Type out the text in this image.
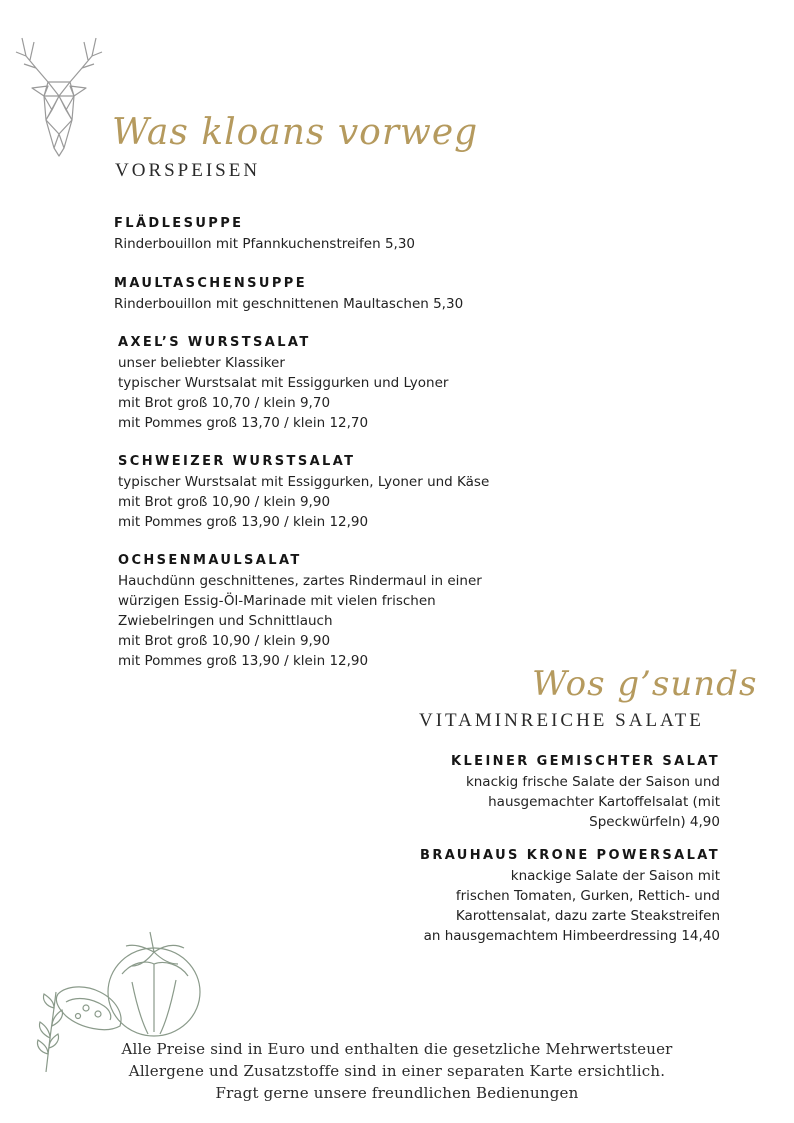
Was kloans vorweg
VORSPEISEN
FLÄDLESUPPE
Rinderbouillon mit Pfannkuchenstreifen 5,30
MAULTASCHENSUPPE
Rinderbouillon mit geschnittenen Maultaschen 5,30
AXEL’S WURSTSALAT
unser beliebter Klassiker
typischer Wurstsalat mit Essiggurken und Lyoner
mit Brot groß 10,70 / klein 9,70
mit Pommes groß 13,70 / klein 12,70
SCHWEIZER WURSTSALAT
typischer Wurstsalat mit Essiggurken, Lyoner und Käse
mit Brot groß 10,90 / klein 9,90
mit Pommes groß 13,90 / klein 12,90
OCHSENMAULSALAT
Hauchdünn geschnittenes, zartes Rindermaul in einer
würzigen Essig-Öl-Marinade mit vielen frischen
Zwiebelringen und Schnittlauch
mit Brot groß 10,90 / klein 9,90
mit Pommes groß 13,90 / klein 12,90
Wos g’sunds
VITAMINREICHE SALATE
KLEINER GEMISCHTER SALAT
knackig frische Salate der Saison und
hausgemachter Kartoffelsalat (mit
Speckwürfeln) 4,90
BRAUHAUS KRONE POWERSALAT
knackige Salate der Saison mit
frischen Tomaten, Gurken, Rettich- und
Karottensalat, dazu zarte Steakstreifen
an hausgemachtem Himbeerdressing 14,40
Alle Preise sind in Euro und enthalten die gesetzliche Mehrwertsteuer
Allergene und Zusatzstoffe sind in einer separaten Karte ersichtlich.
Fragt gerne unsere freundlichen Bedienungen
